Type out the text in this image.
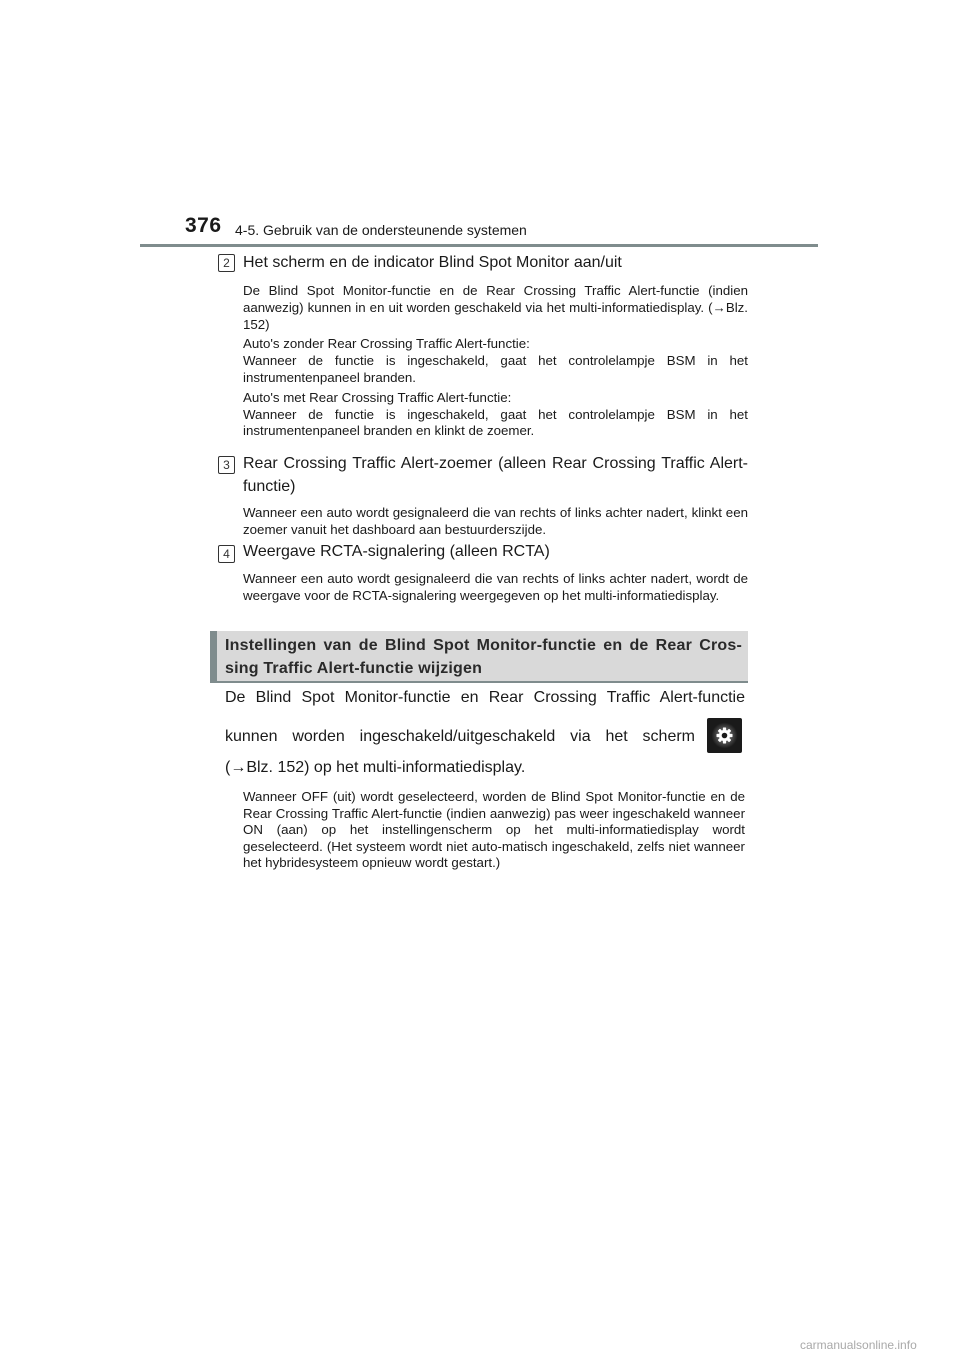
376 4-5. Gebruik van de ondersteunende systemen
2 Het scherm en de indicator Blind Spot Monitor aan/uit

De Blind Spot Monitor-functie en de Rear Crossing Traffic Alert-functie (indien aanwezig) kunnen in en uit worden geschakeld via het multi-informatiedisplay. (→Blz. 152)

Auto's zonder Rear Crossing Traffic Alert-functie:

Wanneer de functie is ingeschakeld, gaat het controlelampje BSM in het instrumentenpaneel branden.

Auto's met Rear Crossing Traffic Alert-functie:

Wanneer de functie is ingeschakeld, gaat het controlelampje BSM in het instrumentenpaneel branden en klinkt de zoemer.

3 Rear Crossing Traffic Alert-zoemer (alleen Rear Crossing Traffic Alert-functie)

Wanneer een auto wordt gesignaleerd die van rechts of links achter nadert, klinkt een zoemer vanuit het dashboard aan bestuurderszijde.

4 Weergave RCTA-signalering (alleen RCTA)

Wanneer een auto wordt gesignaleerd die van rechts of links achter nadert, wordt de weergave voor de RCTA-signalering weergegeven op het multi-informatiedisplay.

Instellingen van de Blind Spot Monitor-functie en de Rear Cros- sing Traffic Alert-functie wijzigen
De Blind Spot Monitor-functie en Rear Crossing Traffic Alert-functie
kunnen worden ingeschakeld/uitgeschakeld via het scherm
(→Blz. 152) op het multi-informatiedisplay.
Wanneer OFF (uit) wordt geselecteerd, worden de Blind Spot Monitor-functie en de Rear Crossing Traffic Alert-functie (indien aanwezig) pas weer ingeschakeld wanneer ON (aan) op het instellingenscherm op het multi-informatiedisplay wordt geselecteerd. (Het systeem wordt niet auto-matisch ingeschakeld, zelfs niet wanneer het hybridesysteem opnieuw wordt gestart.)
carmanualsonline.info
